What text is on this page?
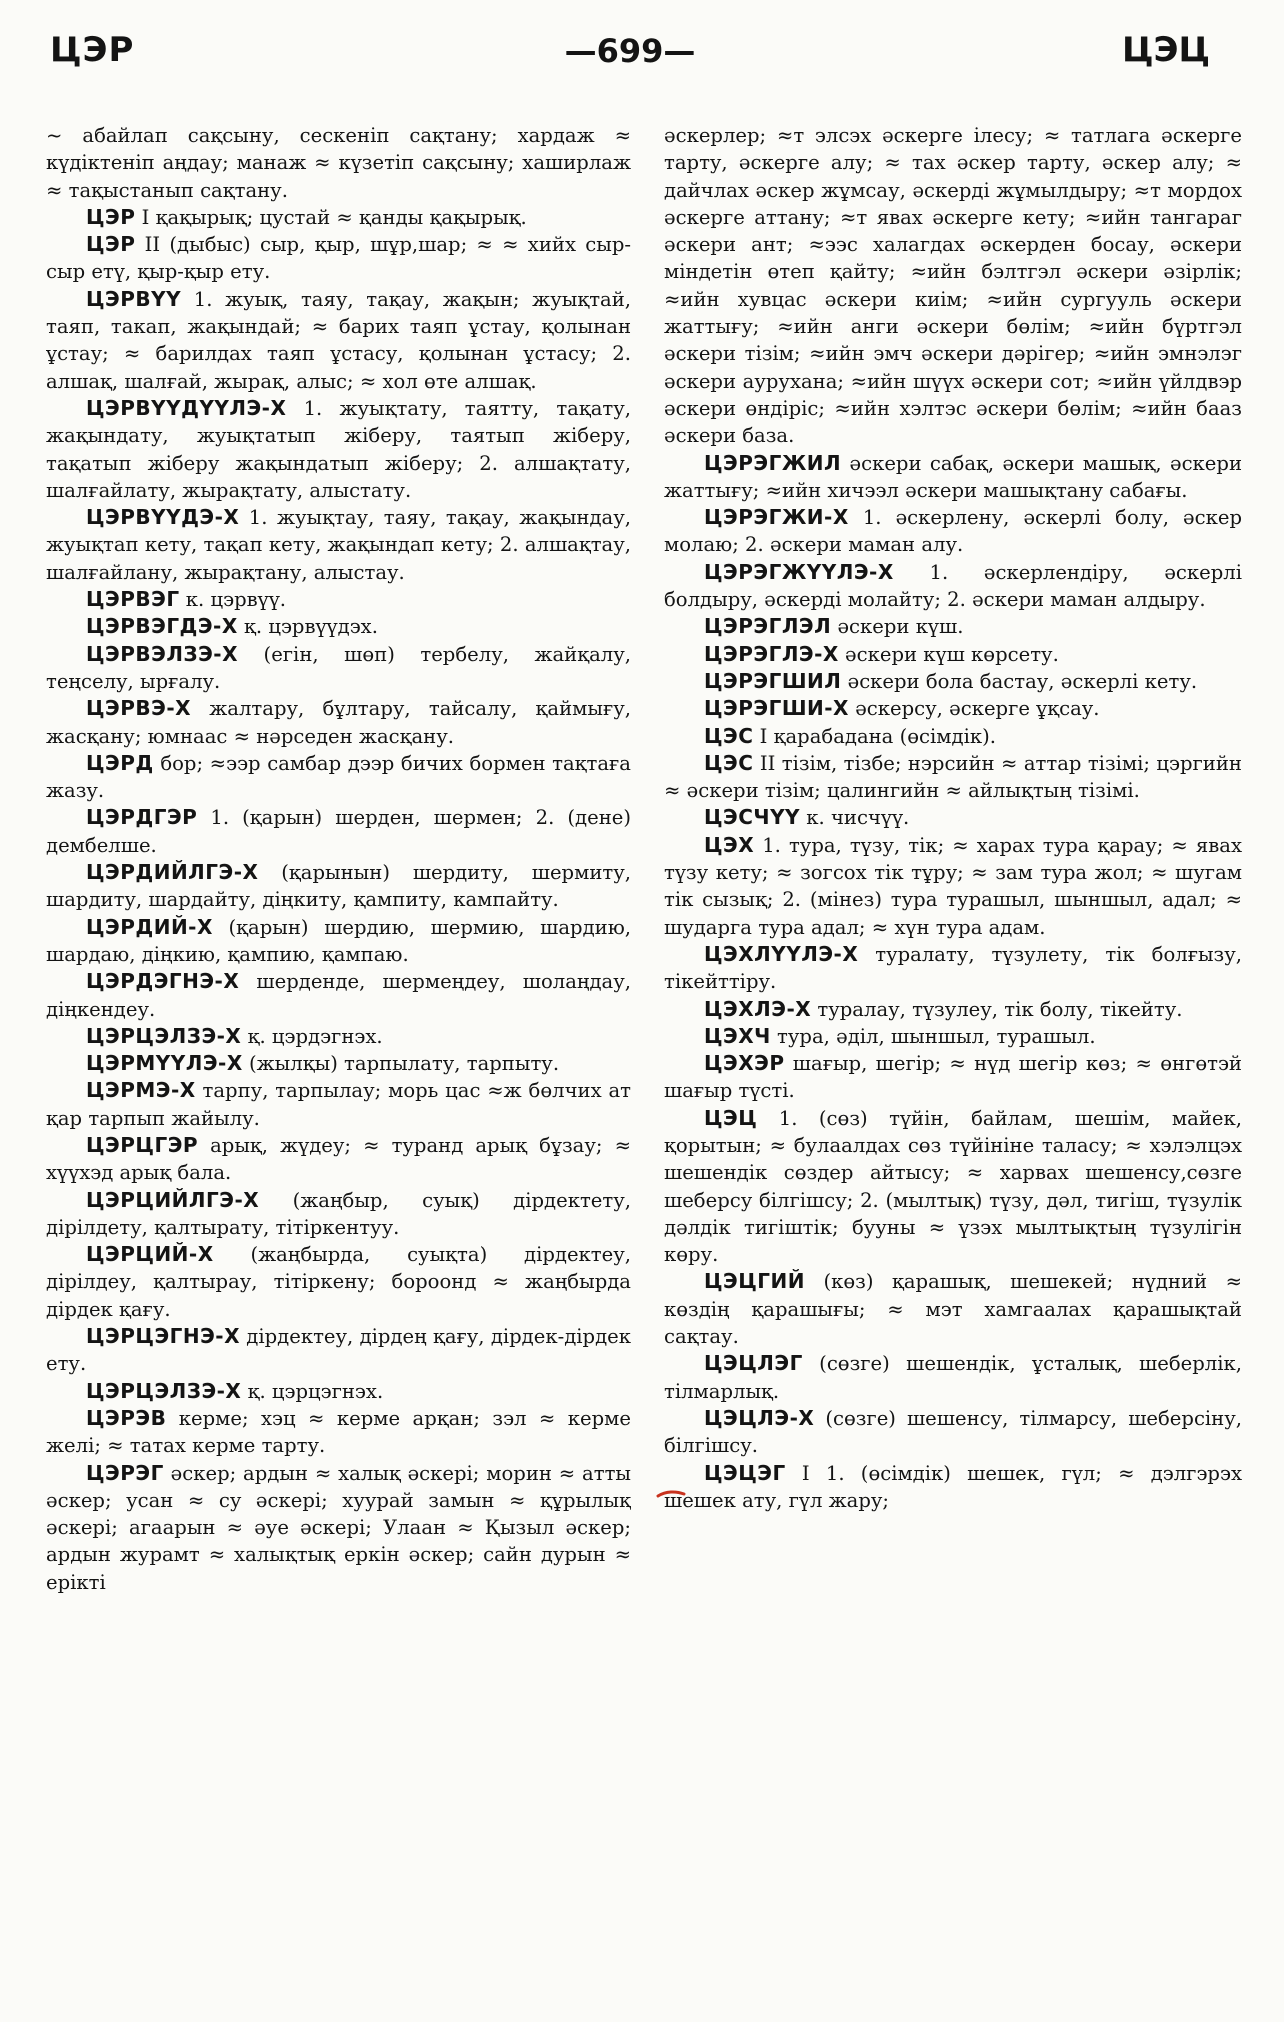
ЦЭР	—699—	ЦЭЦ

~ абайлап сақсыну, сескеніп сақтану; хардаж ≈ күдіктеніп аңдау; манаж ≈ күзетіп сақсыну; хаширлаж ≈ тақыстанып сақтану.

ЦЭР I қақырық; цустай ≈ қанды қақырық.

ЦЭР II (дыбыс) сыр, қыр, шұр,шар; ≈ ≈ хийх сыр-сыр етү, қыр-қыр ету.

ЦЭРВҮҮ 1. жуық, таяу, тақау, жақын; жуықтай, таяп, такап, жақындай; ≈ барих таяп ұстау, қолынан ұстау; ≈ барилдах таяп ұстасу, қолынан ұстасу; 2. алшақ, шалғай, жырақ, алыс; ≈ хол өте алшақ.

ЦЭРВҮҮДҮҮЛЭ-Х 1. жуықтату, таятту, тақату, жақындату, жуықтатып жіберу, таятып жіберу, тақатып жіберу жақындатып жіберу; 2. алшақтату, шалғайлату, жырақтату, алыстату.

ЦЭРВҮҮДЭ-Х 1. жуықтау, таяу, тақау, жақындау, жуықтап кету, тақап кету, жақындап кету; 2. алшақтау, шалғайлану, жырақтану, алыстау.

ЦЭРВЭГ к. цэрвүү.

ЦЭРВЭГДЭ-Х қ. цэрвүүдэх.

ЦЭРВЭЛЗЭ-Х (егін, шөп) тербелу, жайқалу, теңселу, ырғалу.

ЦЭРВЭ-Х жалтару, бұлтару, тайсалу, қаймығу, жасқану; юмнаас ≈ нәрседен жасқану.

ЦЭРД бор; ≈ээр самбар дээр бичих бормен тақтаға жазу.

ЦЭРДГЭР 1. (қарын) шерден, шермен; 2. (дене) дембелше.

ЦЭРДИЙЛГЭ-Х (қарынын) шердиту, шермиту, шардиту, шардайту, діңкиту, қампиту, кампайту.

ЦЭРДИЙ-Х (қарын) шердию, шермию, шардию, шардаю, діңкию, қампию, қампаю.

ЦЭРДЭГНЭ-Х шерденде, шермеңдеу, шолаңдау, діңкендеу.

ЦЭРЦЭЛЗЭ-Х қ. цэрдэгнэх.

ЦЭРМҮҮЛЭ-Х (жылқы) тарпылату, тарпыту.

ЦЭРМЭ-Х тарпу, тарпылау; морь цас ≈ж бөлчих ат қар тарпып жайылу.

ЦЭРЦГЭР арық, жүдеу; ≈ туранд арық бұзау; ≈ хүүхэд арық бала.

ЦЭРЦИЙЛГЭ-Х (жаңбыр, суық) дірдектету, дірілдету, қалтырату, тітіркентуу.

ЦЭРЦИЙ-Х (жаңбырда, суықта) дірдектеу, дірілдеу, қалтырау, тітіркену; бороонд ≈ жаңбырда дірдек қағу.

ЦЭРЦЭГНЭ-Х дірдектеу, дірдең қағу, дірдек-дірдек ету.

ЦЭРЦЭЛЗЭ-Х қ. цэрцэгнэх.

ЦЭРЭВ керме; хэц ≈ керме арқан; зэл ≈ керме желі; ≈ татах керме тарту.

ЦЭРЭГ әскер; ардын ≈ халық әскері; морин ≈ атты әскер; усан ≈ су әскері; хуурай замын ≈ құрылық әскері; агаарын ≈ әуе әскері; Улаан ≈ Қызыл әскер; ардын журамт ≈ халықтық еркін әскер; сайн дурын ≈ ерікті

әскерлер; ≈т элсэх әскерге ілесу; ≈ татлага әскерге тарту, әскерге алу; ≈ тах әскер тарту, әскер алу; ≈ дайчлах әскер жұмсау, әскерді жұмылдыру; ≈т мордох әскерге аттану; ≈т явах әскерге кету; ≈ийн тангараг әскери ант; ≈ээс халагдах әскерден босау, әскери міндетін өтеп қайту; ≈ийн бэлтгэл әскери әзірлік; ≈ийн хувцас әскери киім; ≈ийн сургууль әскери жаттығу; ≈ийн анги әскери бөлім; ≈ийн бүртгэл әскери тізім; ≈ийн эмч әскери дәрігер; ≈ийн эмнэлэг әскери ауруханa; ≈ийн шүүх әскери сот; ≈ийн үйлдвэр әскери өндіріс; ≈ийн хэлтэс әскери бөлім; ≈ийн бааз әскери база.

ЦЭРЭГЖИЛ әскери сабақ, әскери машық, әскери жаттығу; ≈ийн хичээл әскери машықтану сабағы.

ЦЭРЭГЖИ-Х 1. әскерлену, әскерлі болу, әскер молаю; 2. әскери маман алу.

ЦЭРЭГЖҮҮЛЭ-Х 1. әскерлендіру, әскерлі болдыру, әскерді молайту; 2. әскери маман алдыру.

ЦЭРЭГЛЭЛ әскери күш.

ЦЭРЭГЛЭ-Х әскери күш көрсету.

ЦЭРЭГШИЛ әскери бола бастау, әскерлі кету.

ЦЭРЭГШИ-Х әскерсу, әскерге ұқсау.

ЦЭС I қарабадана (өсімдік).

ЦЭС II тізім, тізбе; нэрсийн ≈ аттар тізімі; цэргийн ≈ әскери тізім; цалингийн ≈ айлықтың тізімі.

ЦЭСЧҮҮ к. чисчүү.

ЦЭХ 1. тура, түзу, тік; ≈ харах тура қарау; ≈ явах түзу кету; ≈ зогсох тік тұру; ≈ зам тура жол; ≈ шугам тік сызық; 2. (мінез) тура турашыл, шыншыл, адал; ≈ шударга тура адал; ≈ хүн тура адам.

ЦЭХЛҮҮЛЭ-Х туралату, түзулету, тік болғызу, тікейттіру.

ЦЭХЛЭ-Х туралау, түзулеу, тік болу, тікейту.

ЦЭХЧ тура, әділ, шыншыл, турашыл.

ЦЭХЭР шағыр, шегір; ≈ нүд шегір көз; ≈ өнгөтэй шағыр түсті.

ЦЭЦ 1. (сөз) түйін, байлам, шешім, майек, қорытын; ≈ булаалдах сөз түйініне таласу; ≈ хэлэлцэх шешендік сөздер айтысу; ≈ харвах шешенсу,сөзге шеберсу білгішсу; 2. (мылтық) түзу, дәл, тигіш, түзулік дәлдік тигіштік; бууны ≈ үзэх мылтықтың түзулігін көру.

ЦЭЦГИЙ (көз) қарашық, шешекей; нүдний ≈ көздің қарашығы; ≈ мэт хамгаалах қарашықтай сақтау.

ЦЭЦЛЭГ (сөзге) шешендік, ұсталық, шеберлік, тілмарлық.

ЦЭЦЛЭ-Х (сөзге) шешенсу, тілмарсу, шеберсіну, білгішсу.

ЦЭЦЭГ I 1. (өсімдік) шешек, гүл; ≈ дэлгэрэх шешек ату, гүл жару;
